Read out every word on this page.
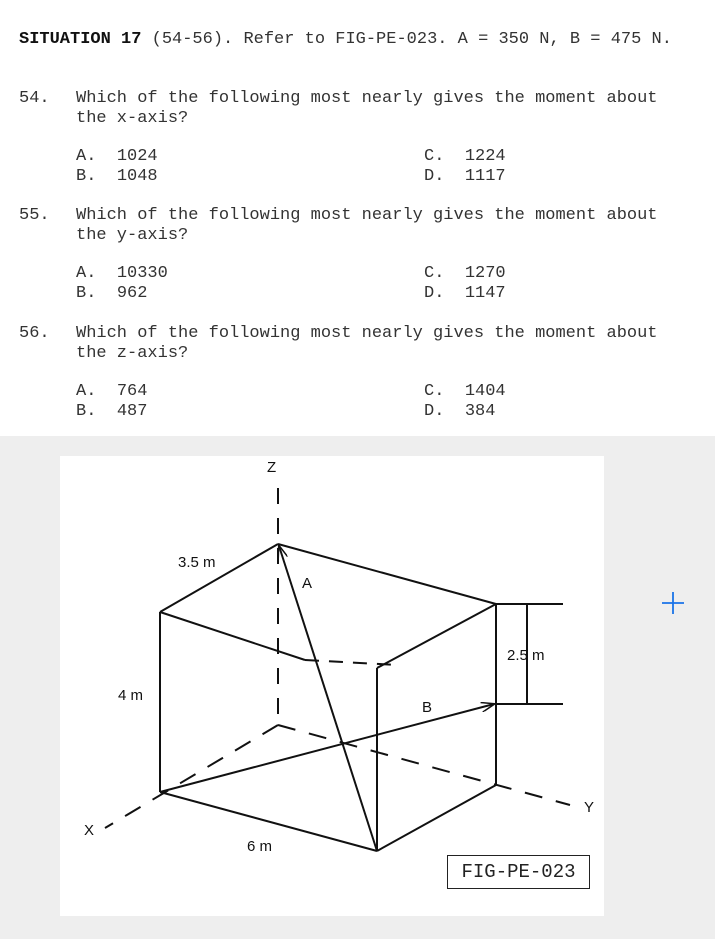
SITUATION 17 (54-56). Refer to FIG-PE-023. A = 350 N, B = 475 N.
54. Which of the following most nearly gives the moment about the x-axis?
A. 1024
B. 1048
C. 1224
D. 1117
55. Which of the following most nearly gives the moment about the y-axis?
A. 10330
B. 962
C. 1270
D. 1147
56. Which of the following most nearly gives the moment about the z-axis?
A. 764
B. 487
C. 1404
D. 384
Z
X
Y
3.5 m
4 m
6 m
2.5 m
A
B
FIG-PE-023
